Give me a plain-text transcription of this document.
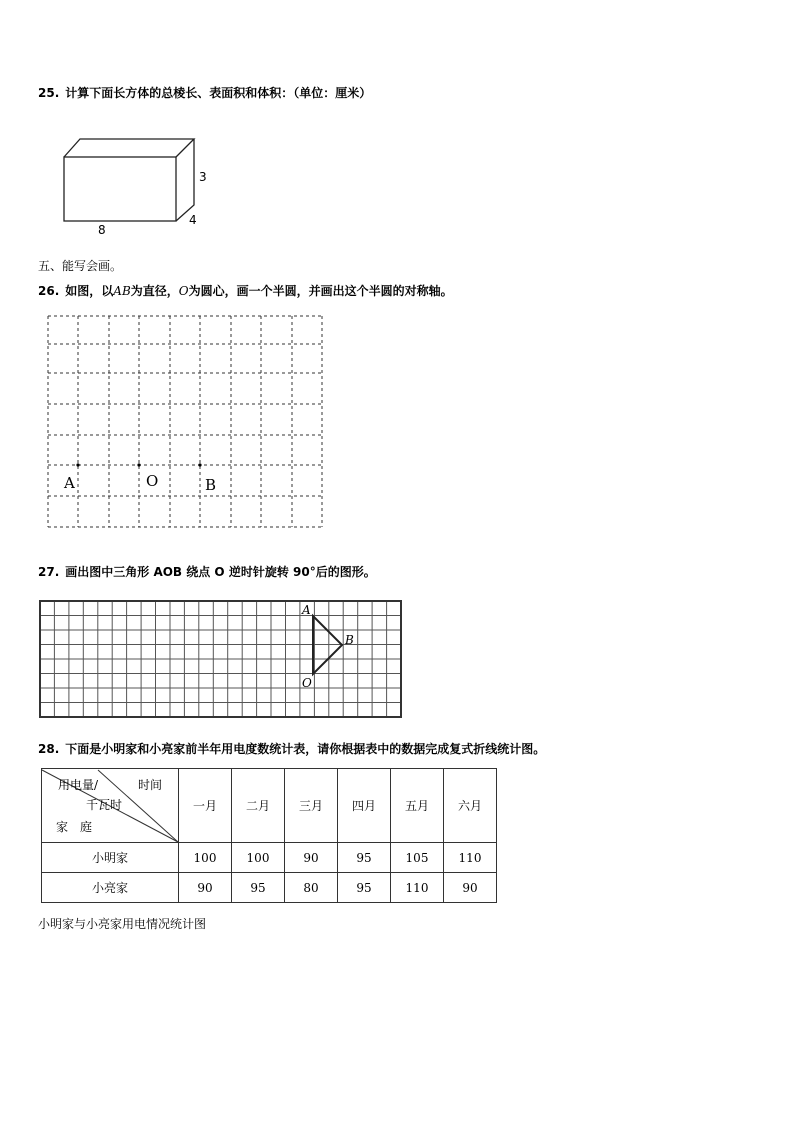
25. 计算下面长方体的总棱长、表面积和体积：（单位：厘米）
8
3
4
五、能写会画。
26. 如图，以AB为直径，O为圆心，画一个半圆，并画出这个半圆的对称轴。
A	O	B
27. 画出图中三角形 AOB 绕点 O 逆时针旋转 90°后的图形。
A
B
O
28. 下面是小明家和小亮家前半年用电度数统计表，请你根据表中的数据完成复式折线统计图。
用电量/ 时间
千瓦时
家　庭	一月	二月	三月	四月	五月	六月
小明家	100	100	90	95	105	110
小亮家	90	95	80	95	110	90
小明家与小亮家用电情况统计图
